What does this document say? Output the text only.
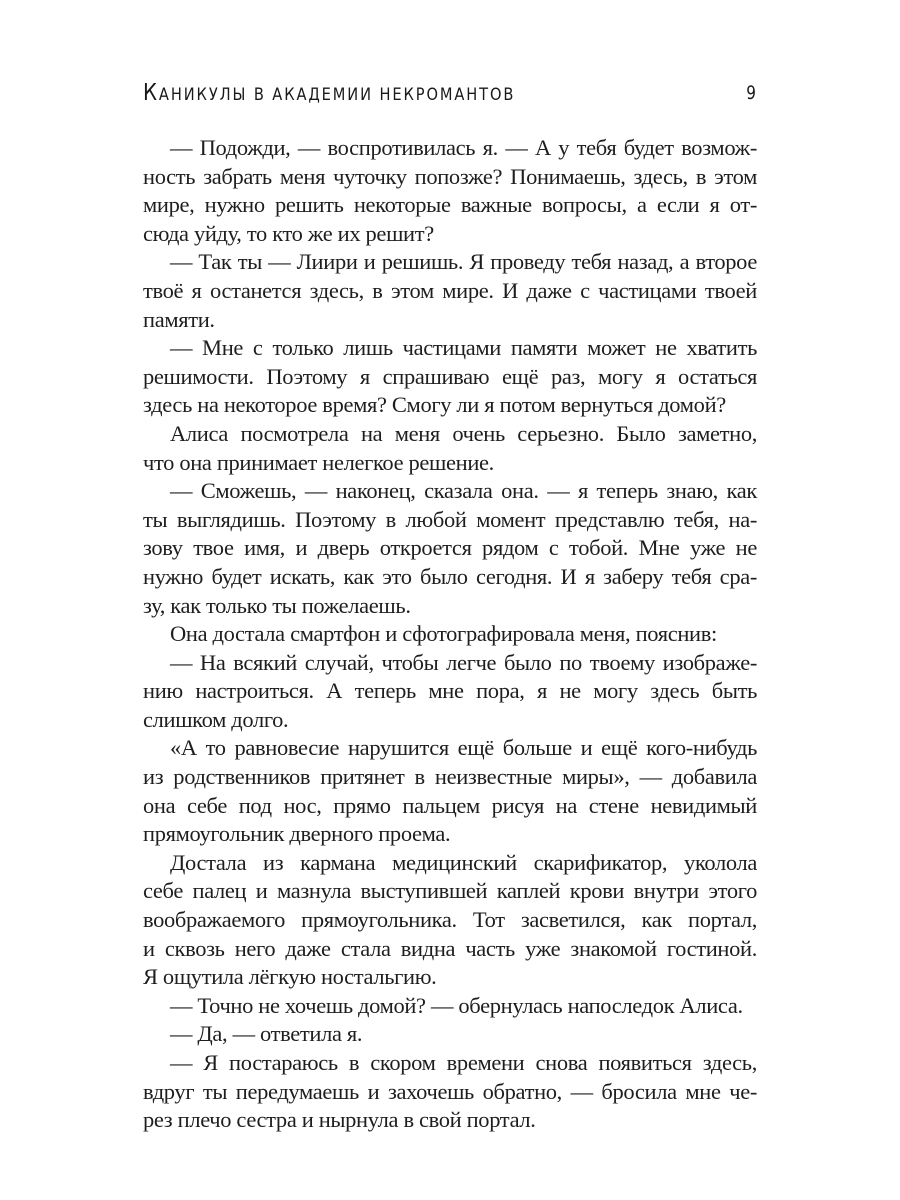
КАНИКУЛЫ В АКАДЕМИИ НЕКРОМАНТОВ	9
— Подожди, — воспротивилась я. — А у тебя будет возмож-
ность забрать меня чуточку попозже? Понимаешь, здесь, в этом
мире, нужно решить некоторые важные вопросы, а если я от-
сюда уйду, то кто же их решит?
— Так ты — Лиири и решишь. Я проведу тебя назад, а второе
твоё я останется здесь, в этом мире. И даже с частицами твоей
памяти.
— Мне с только лишь частицами памяти может не хватить
решимости. Поэтому я спрашиваю ещё раз, могу я остаться
здесь на некоторое время? Смогу ли я потом вернуться домой?
Алиса посмотрела на меня очень серьезно. Было заметно,
что она принимает нелегкое решение.
— Сможешь, — наконец, сказала она. — я теперь знаю, как
ты выглядишь. Поэтому в любой момент представлю тебя, на-
зову твое имя, и дверь откроется рядом с тобой. Мне уже не
нужно будет искать, как это было сегодня. И я заберу тебя сра-
зу, как только ты пожелаешь.
Она достала смартфон и сфотографировала меня, пояснив:
— На всякий случай, чтобы легче было по твоему изображе-
нию настроиться. А теперь мне пора, я не могу здесь быть
слишком долго.
«А то равновесие нарушится ещё больше и ещё кого-нибудь
из родственников притянет в неизвестные миры», — добавила
она себе под нос, прямо пальцем рисуя на стене невидимый
прямоугольник дверного проема.
Достала из кармана медицинский скарификатор, уколола
себе палец и мазнула выступившей каплей крови внутри этого
воображаемого прямоугольника. Тот засветился, как портал,
и сквозь него даже стала видна часть уже знакомой гостиной.
Я ощутила лёгкую ностальгию.
— Точно не хочешь домой? — обернулась напоследок Алиса.
— Да, — ответила я.
— Я постараюсь в скором времени снова появиться здесь,
вдруг ты передумаешь и захочешь обратно, — бросила мне че-
рез плечо сестра и нырнула в свой портал.
